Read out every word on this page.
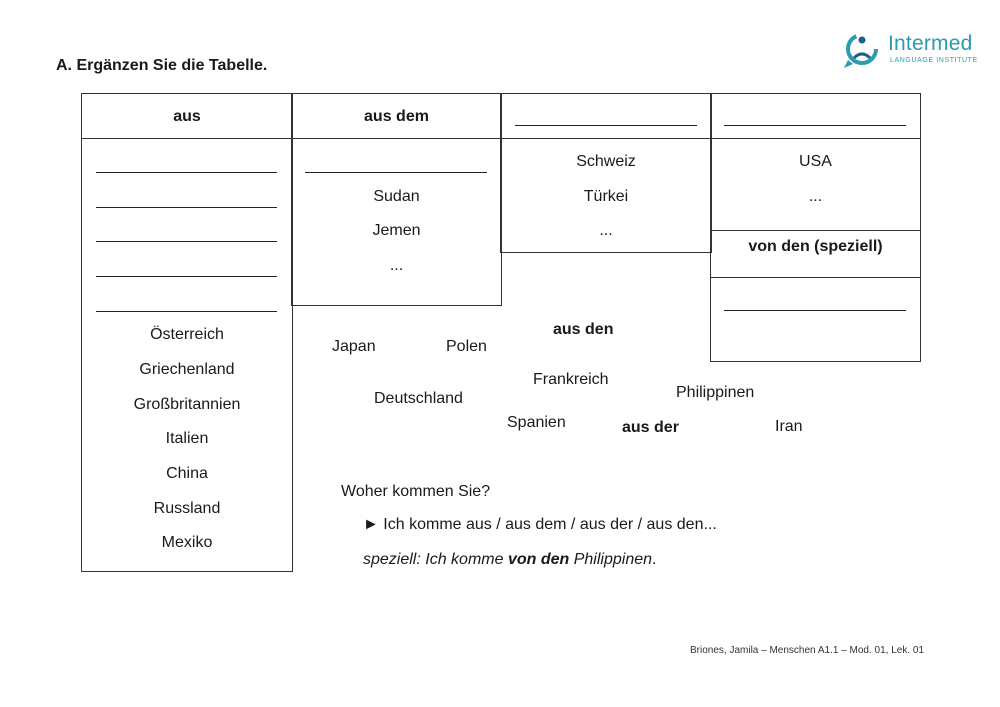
A. Ergänzen Sie die Tabelle.
Intermed
LANGUAGE INSTITUTE
aus
Österreich
Griechenland
Großbritannien
Italien
China
Russland
Mexiko
aus dem
Sudan
Jemen
...
Schweiz
Türkei
...
USA
...
von den (speziell)
Japan	Polen
aus den
Frankreich
Philippinen
Deutschland
Spanien	aus der	Iran
Woher kommen Sie?
► Ich komme aus / aus dem / aus der / aus den...
speziell: Ich komme von den Philippinen.
Briones, Jamila – Menschen A1.1 – Mod. 01, Lek. 01
